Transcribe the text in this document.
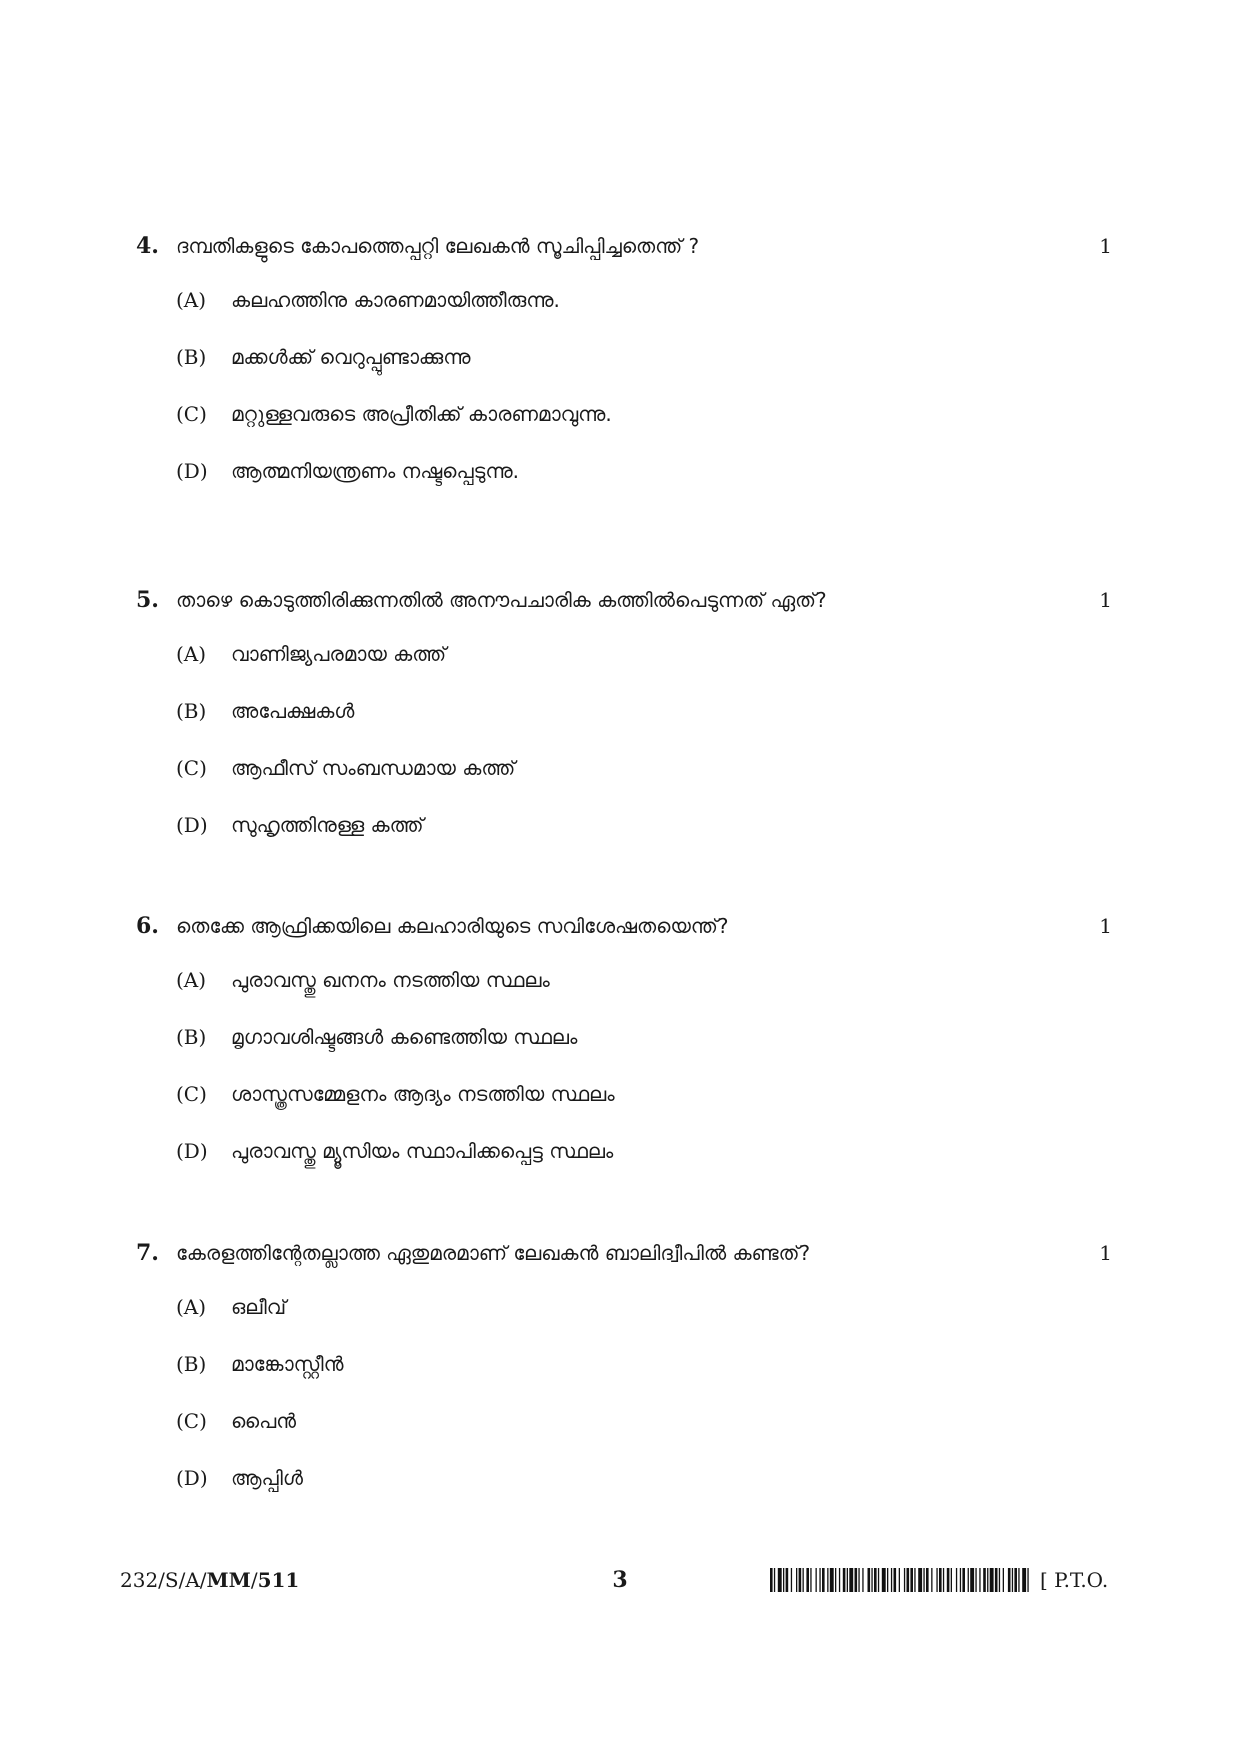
4. ദമ്പതികളുടെ കോപത്തെപ്പറ്റി ലേഖകൻ സൂചിപ്പിച്ചതെന്ത് ?	1
(A) കലഹത്തിനു കാരണമായിത്തീരുന്നു.
(B) മക്കൾക്ക് വെറുപ്പുണ്ടാക്കുന്നു
(C) മറ്റുള്ളവരുടെ അപ്രീതിക്ക് കാരണമാവുന്നു.
(D) ആത്മനിയന്ത്രണം നഷ്ടപ്പെടുന്നു.
5. താഴെ കൊടുത്തിരിക്കുന്നതിൽ അനൗപചാരിക കത്തിൽപെടുന്നത് ഏത്?	1
(A) വാണിജ്യപരമായ കത്ത്
(B) അപേക്ഷകൾ
(C) ആഫീസ് സംബന്ധമായ കത്ത്
(D) സുഹൃത്തിനുള്ള കത്ത്
6. തെക്കേ ആഫ്രിക്കയിലെ കലഹാരിയുടെ സവിശേഷതയെന്ത്?	1
(A) പുരാവസ്തു ഖനനം നടത്തിയ സ്ഥലം
(B) മൃഗാവശിഷ്ടങ്ങൾ കണ്ടെത്തിയ സ്ഥലം
(C) ശാസ്ത്രസമ്മേളനം ആദ്യം നടത്തിയ സ്ഥലം
(D) പുരാവസ്തു മ്യൂസിയം സ്ഥാപിക്കപ്പെട്ട സ്ഥലം
7. കേരളത്തിന്റേതല്ലാത്ത ഏതുമരമാണ് ലേഖകൻ ബാലിദ്വീപിൽ കണ്ടത്?	1
(A) ഒലീവ്
(B) മാങ്കോസ്റ്റീൻ
(C) പൈൻ
(D) ആപ്പിൾ
232/S/A/MM/511	3	[ P.T.O.
